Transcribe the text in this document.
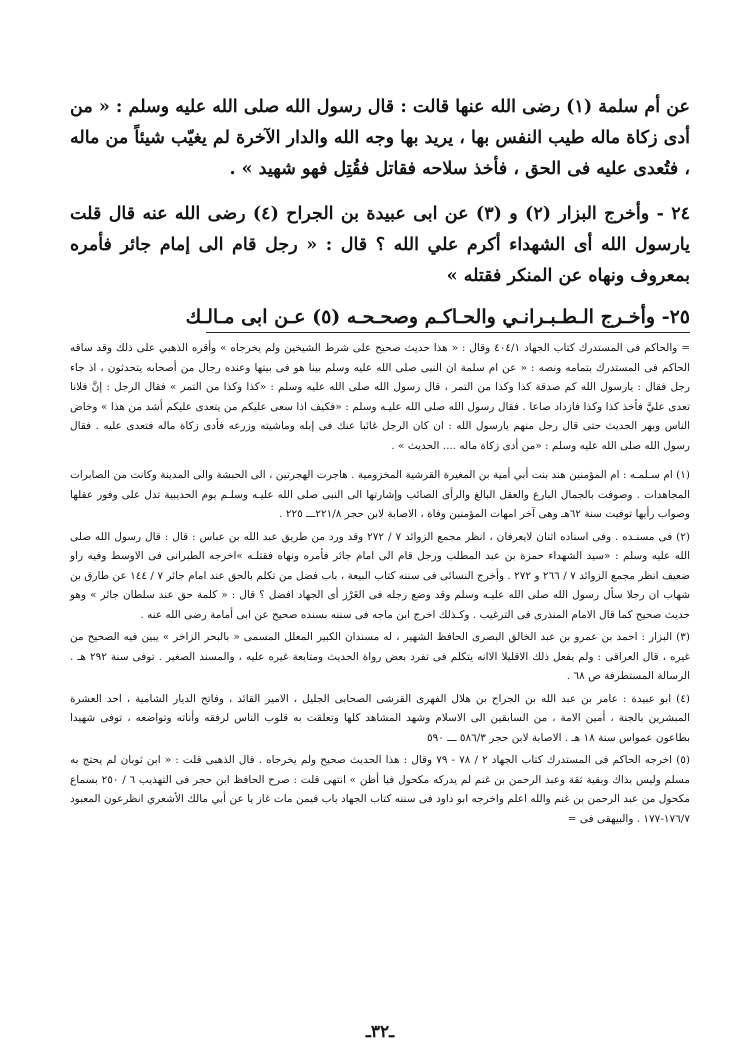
عن أم سلمة (١) رضى الله عنها قالت : قال رسول الله صلى الله عليه وسلم : « من أدى زكاة ماله طيب النفس بها ، يريد بها وجه الله والدار الآخرة لم يغيّب شيئاً من ماله ، فتُعدى عليه فى الحق ، فأخذ سلاحه فقاتل فقُتِل فهو شهيد » .

٢٤ - وأخرج البزار (٢) و (٣) عن ابى عبيدة بن الجراح (٤) رضى الله عنه قال قلت يارسول الله أى الشهداء أكرم علي الله ؟ قال : « رجل قام الى إمام جائر فأمره بمعروف ونهاه عن المنكر فقتله »

٢٥- وأخـرج الـطـبـرانـي والحـاكـم وصحـحـه (٥) عـن ابى مـالـك

= والحاكم فى المستدرك كتاب الجهاد ٤٠٤/١ وقال : « هذا حديث صحيح على شرط الشيخين ولم يخرجاه » وأقره الذهبي على ذلك وقد ساقه الحاكم فى المستدرك بتمامه ونصه : « عن ام سلمة ان النبى صلى الله عليه وسلم بينا هو فى بيتها وعنده رجال من أصحابه يتحدثون ، اذ جاء رجل فقال : يارسول الله كم صدقة كذا وكذا من التمر ، قال رسول الله صلى الله عليه وسلم : «كذا وكذا من التمر » فقال الرجل : إنَّ فلانا تعدى عليَّ فأخذ كذا وكذا فازداد صاعا . فقال رسول الله صلى الله عليـه وسلم : «فكيف اذا سعى عليكم من يتعدى عليكم أشد من هذا » وخاض الناس وبهر الحديث حتى قال رجل منهم يارسول الله : ان كان الرجل غائبا عنك فى إبله وماشيته وزرعه فأدى زكاة ماله فتعدى عليه . فقال رسول الله صلى الله عليه وسلم : «من أدى زكاة ماله .... الحديث » .

(١) ام سـلمـه : ام المؤمنين هند بنت أبي أمية بن المغيرة القرشية المخزومية . هاجرت الهجرتين ، الى الحبشة والى المدينة وكانت من الصابرات المجاهدات . وصوفت بالجمال البارع والعقل البالغ والرأى الصائب وإشارتها الى النبى صلى الله عليـه وسلـم يوم الحديبية تدل على وفور عقلها وصواب رأيها توفيت سنة ٦٢هـ وهى آخر امهات المؤمنين وفاة ، الاصابة لابن حجر ٢٢١/٨ـــ ٢٢٥ .

(٢) فى مسنـده . وفى اسناده اثنان لايعرفان ، انظر مجمع الزوائد ٧ / ٢٧٢ وقد ورد من طريق عبد الله بن عباس : قال : قال رسول الله صلى الله عليه وسلم : «سيد الشهداء حمزة بن عبد المطلب ورجل قام الى امام جائر فأمره ونهاه فقتلـه »اخرجه الطبرانى فى الاوسط وفيه راو ضعيف انظر مجمع الزوائد ٧ / ٢٦٦ و ٢٧٢ . وأخرج النسائى فى سننه كتاب البيعة ، باب فضل من تكلم بالحق عند امام جائر ٧ / ١٤٤ عن طارق بن شهاب ان رجلا سأل رسول الله صلى الله عليـه وسلم وقد وضع رجله فى الغَرْز أى الجهاد افضل ؟ قال : « كلمة حق عند سلطان جائر » وهو حديث صحيح كما قال الامام المنذرى فى الترغيب . وكـذلك اخرج ابن ماجه فى سننه بسنده صحيح عن ابى أمامة رضى الله عنه .

(٣) البزار : احمد بن عمرو بن عبد الخالق البصرى الحافظ الشهير ، له مسندان الكبير المعلل المسمى « بالبحر الزاخر » يبين فيه الصحيح من غيره ، قال العراقى : ولم يفعل ذلك الاقليلا الاانه يتكلم فى تفرد بعض رواة الحديث ومتابعة غيره عليه ، والمسند الصغير . توفى سنة ٢٩٢ هـ . الرسالة المستطرفة ص ٦٨ .

(٤) ابو عبيدة : عامر بن عبد الله بن الجراح بن هلال الفهرى القرشى الصحابى الجليل ، الامير القائد ، وفاتح الديار الشامية ، احد العشرة المبشرين بالجنة ، أمين الامة ، من السابقين الى الاسلام وشهد المشاهد كلها وتعلقت به قلوب الناس لرفقه وأناته وتواضعه ، توفى شهيدا بطاعون عمواس سنة ١٨ هـ . الاصابة لابن حجر ٥٨٦/٣ ـــ ٥٩٠

(٥) اخرجه الحاكم فى المستدرك كتاب الجهاد ٢ / ٧٨ - ٧٩ وقال : هذا الحديث صحيح ولم يخرجاه . قال الذهبى قلت : « ابن ثوبان لم يحتج به مسلم وليس بذاك وبقية ثقة وعبد الرحمن بن غنم لم يدركه مكحول فيا أظن » انتهى قلت : صرح الحافظ ابن حجر فى التهذيب ٦ / ٢٥٠ بسماع مكحول من عبد الرحمن بن غنم والله اعلم واخرجه ابو داود فى سننه كتاب الجهاد باب فيمن مات غاز يا عن أبي مالك الأشعري انظرعون المعبود ١٧٦/٧-١٧٧ . والبيهقى فى =

ـ٣٢ـ
